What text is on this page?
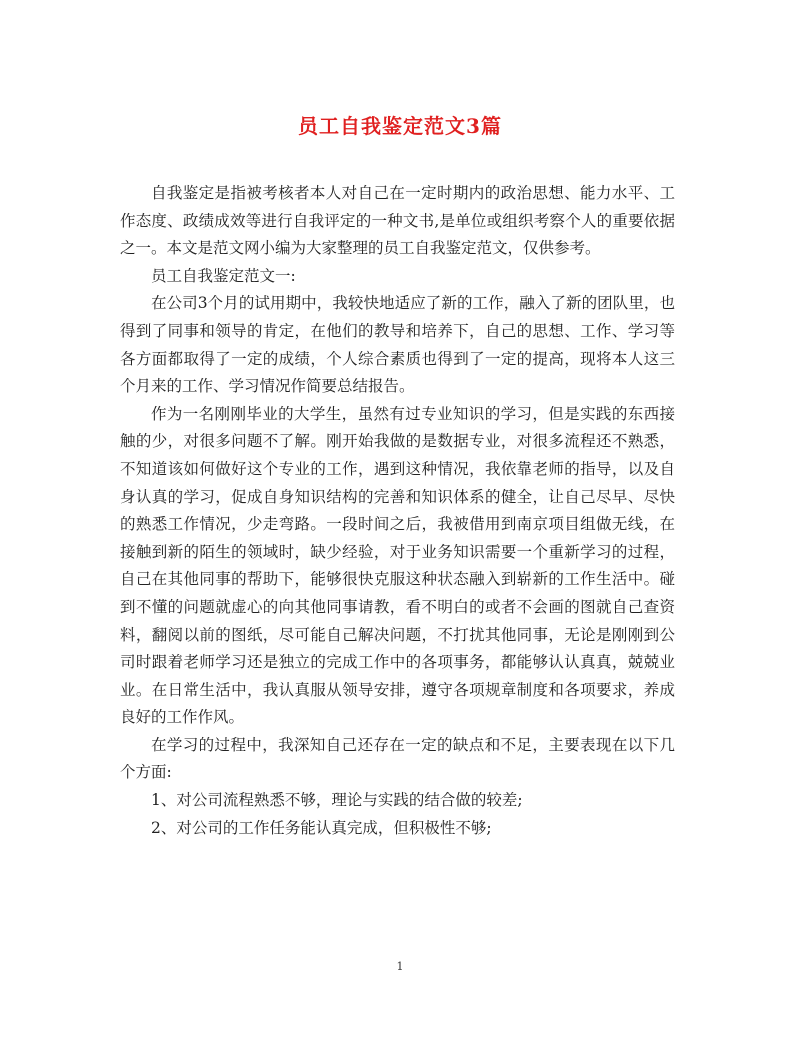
员工自我鉴定范文3篇

自我鉴定是指被考核者本人对自己在一定时期内的政治思想、能力水平、工作态度、政绩成效等进行自我评定的一种文书,是单位或组织考察个人的重要依据之一。本文是范文网小编为大家整理的员工自我鉴定范文，仅供参考。

员工自我鉴定范文一:

在公司3个月的试用期中，我较快地适应了新的工作，融入了新的团队里，也得到了同事和领导的肯定，在他们的教导和培养下，自己的思想、工作、学习等各方面都取得了一定的成绩，个人综合素质也得到了一定的提高，现将本人这三个月来的工作、学习情况作简要总结报告。

作为一名刚刚毕业的大学生，虽然有过专业知识的学习，但是实践的东西接触的少，对很多问题不了解。刚开始我做的是数据专业，对很多流程还不熟悉，不知道该如何做好这个专业的工作，遇到这种情况，我依靠老师的指导，以及自身认真的学习，促成自身知识结构的完善和知识体系的健全，让自己尽早、尽快的熟悉工作情况，少走弯路。一段时间之后，我被借用到南京项目组做无线，在接触到新的陌生的领域时，缺少经验，对于业务知识需要一个重新学习的过程，自己在其他同事的帮助下，能够很快克服这种状态融入到崭新的工作生活中。碰到不懂的问题就虚心的向其他同事请教，看不明白的或者不会画的图就自己查资料，翻阅以前的图纸，尽可能自己解决问题，不打扰其他同事，无论是刚刚到公司时跟着老师学习还是独立的完成工作中的各项事务，都能够认认真真，兢兢业业。在日常生活中，我认真服从领导安排，遵守各项规章制度和各项要求，养成良好的工作作风。

在学习的过程中，我深知自己还存在一定的缺点和不足，主要表现在以下几个方面:

1、对公司流程熟悉不够，理论与实践的结合做的较差;

2、对公司的工作任务能认真完成，但积极性不够;

1
